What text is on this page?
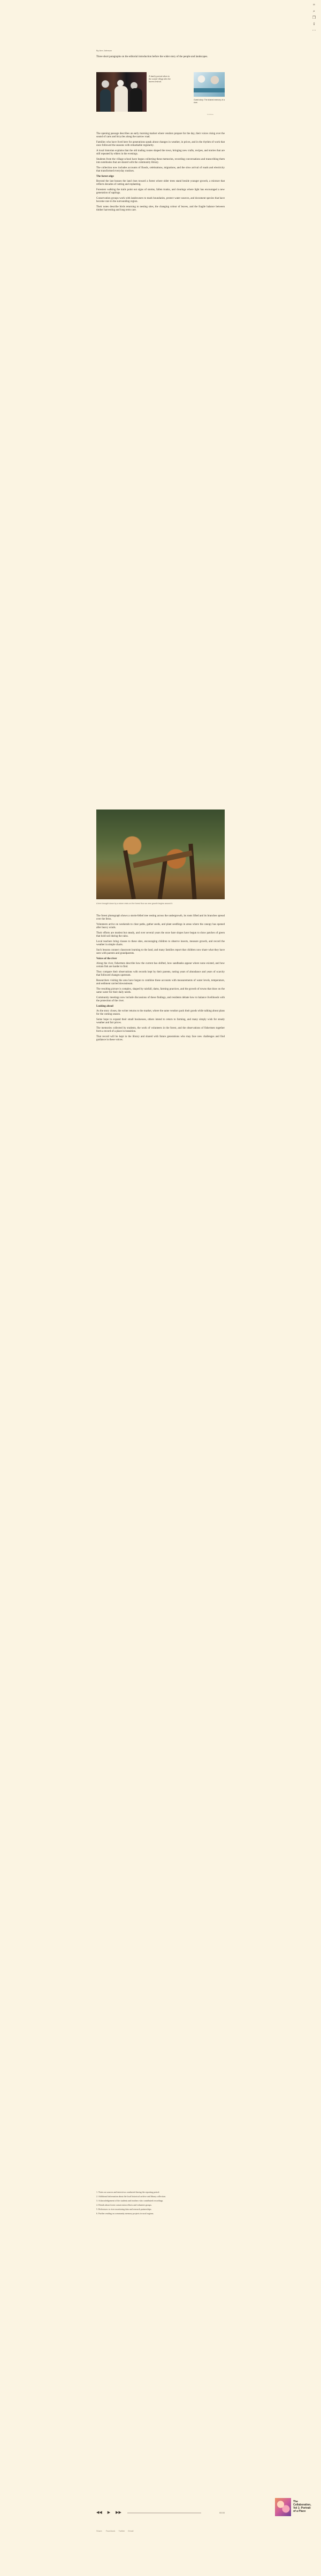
≡
⌕
❐
⇪
⋯
By Ann Johnson
Three short paragraphs on the editorial introduction before the wider story of the people and landscapes.
A family portrait taken in the coastal village after the harvest festival.
Guest story: The shared memory of a river.
Continue

The opening passage describes an early morning market where vendors prepare for the day, their voices rising over the sound of carts and bicycles along the narrow road.

Families who have lived here for generations speak about changes in weather, in prices, and in the rhythm of work that once followed the seasons with remarkable regularity.

A local historian explains that the old trading routes shaped the town, bringing new crafts, recipes, and stories that are still repeated by elders in the evenings.

Students from the village school have begun collecting these memories, recording conversations and transcribing them into notebooks that are shared with the community library.

The collection now includes accounts of floods, celebrations, migrations, and the slow arrival of roads and electricity that transformed everyday routines.

The forest edge

Beyond the last houses the land rises toward a forest where older trees stand beside younger growth, a mixture that reflects decades of cutting and replanting.

Foresters walking the trails point out signs of storms, fallen trunks, and clearings where light has encouraged a new generation of saplings.

Conservation groups work with landowners to mark boundaries, protect water sources, and document species that have become rare in the surrounding region.

Their notes describe birds returning to nesting sites, the changing colour of leaves, and the fragile balance between timber harvesting and long term care.

A tree brought down by a storm rests on the forest floor as new growth begins around it.

The forest photograph shows a storm-felled tree resting across the undergrowth, its roots lifted and its branches spread over the ferns.

Volunteers arrive on weekends to clear paths, gather seeds, and plant seedlings in areas where the canopy has opened after heavy winds.

Their efforts are modest but steady, and over several years the once bare slopes have begun to show patches of green that hold soil during the rains.

Local teachers bring classes to these sites, encouraging children to observe insects, measure growth, and record the weather in simple charts.

Such lessons connect classroom learning to the land, and many families report that children now share what they have seen with parents and grandparents.

Voices of the river

Along the river, fishermen describe how the current has shifted, how sandbanks appear where none existed, and how certain fish are harder to find.

They compare their observations with records kept by their parents, noting years of abundance and years of scarcity that followed changes upstream.

Researchers visiting the area have begun to combine these accounts with measurements of water levels, temperature, and sediment carried downstream.

The resulting picture is complex, shaped by rainfall, dams, farming practices, and the growth of towns that draw on the same water for their daily needs.

Community meetings now include discussions of these findings, and residents debate how to balance livelihoods with the protection of the river.

Looking ahead

As the story closes, the writer returns to the market, where the same vendors pack their goods while talking about plans for the coming season.

Some hope to expand their small businesses, others intend to return to farming, and many simply wish for steady weather and fair prices.

The memories collected by students, the work of volunteers in the forest, and the observations of fishermen together form a record of a place in transition.

That record will be kept in the library and shared with future generations who may face new challenges and find guidance in these voices.

1. Notes on sources and interviews conducted during the reporting period.

2. Additional information about the local historical archive and library collection.

3. Acknowledgement of the students and teachers who contributed recordings.

4. Details about forest conservation efforts and volunteer groups.

5. References to river monitoring data and research partnerships.

6. Further reading on community memory projects in rural regions.

◀◀ ▶ ▶▶	00:00
Share Facebook Twitter Email
The Collaboration, Vol 1: Portrait of a Place
